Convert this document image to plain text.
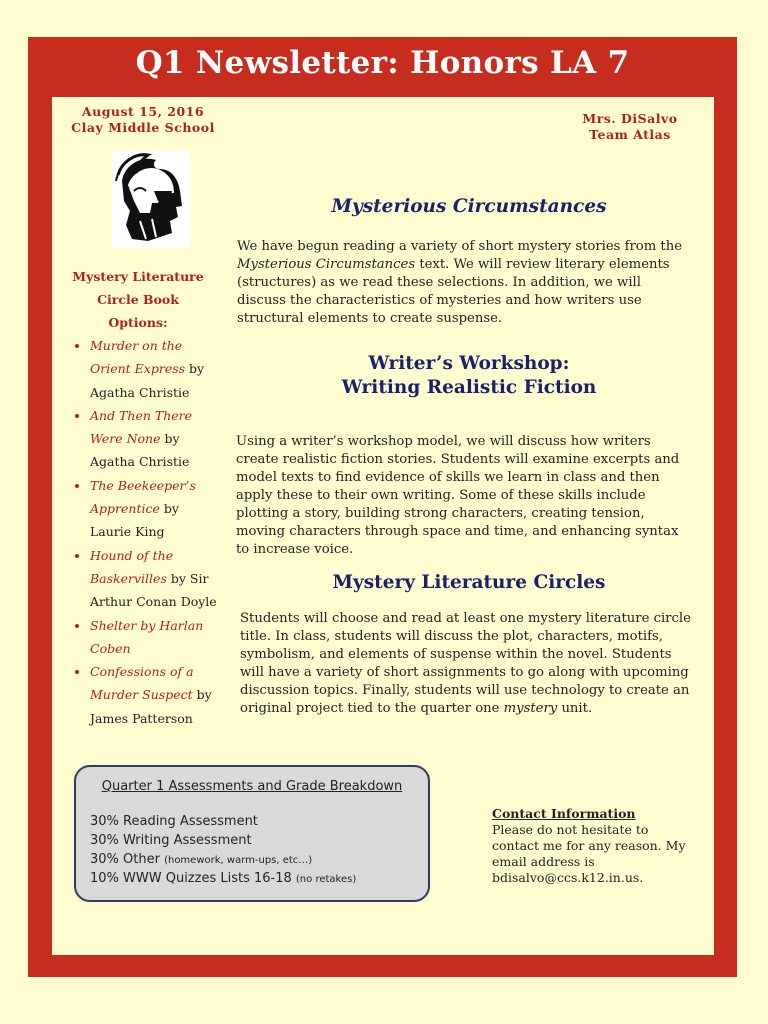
Q1 Newsletter: Honors LA 7
August 15, 2016
Clay Middle School
Mrs. DiSalvo
Team Atlas
Mystery Literature
Circle Book
Options:
• Murder on the Orient Express by Agatha Christie
• And Then There Were None by Agatha Christie
• The Beekeeper’s Apprentice by Laurie King
• Hound of the Baskervilles by Sir Arthur Conan Doyle
• Shelter by Harlan Coben
• Confessions of a Murder Suspect by James Patterson
Mysterious Circumstances

We have begun reading a variety of short mystery stories from the Mysterious Circumstances text. We will review literary elements (structures) as we read these selections. In addition, we will discuss the characteristics of mysteries and how writers use structural elements to create suspense.

Writer’s Workshop:
Writing Realistic Fiction

Using a writer’s workshop model, we will discuss how writers create realistic fiction stories. Students will examine excerpts and model texts to find evidence of skills we learn in class and then apply these to their own writing. Some of these skills include plotting a story, building strong characters, creating tension, moving characters through space and time, and enhancing syntax to increase voice.

Mystery Literature Circles

Students will choose and read at least one mystery literature circle title. In class, students will discuss the plot, characters, motifs, symbolism, and elements of suspense within the novel. Students will have a variety of short assignments to go along with upcoming discussion topics. Finally, students will use technology to create an original project tied to the quarter one mystery unit.

Quarter 1 Assessments and Grade Breakdown
30% Reading Assessment
30% Writing Assessment
30% Other (homework, warm-ups, etc…)
10% WWW Quizzes Lists 16-18 (no retakes)
Contact Information
Please do not hesitate to contact me for any reason. My email address is bdisalvo@ccs.k12.in.us.
